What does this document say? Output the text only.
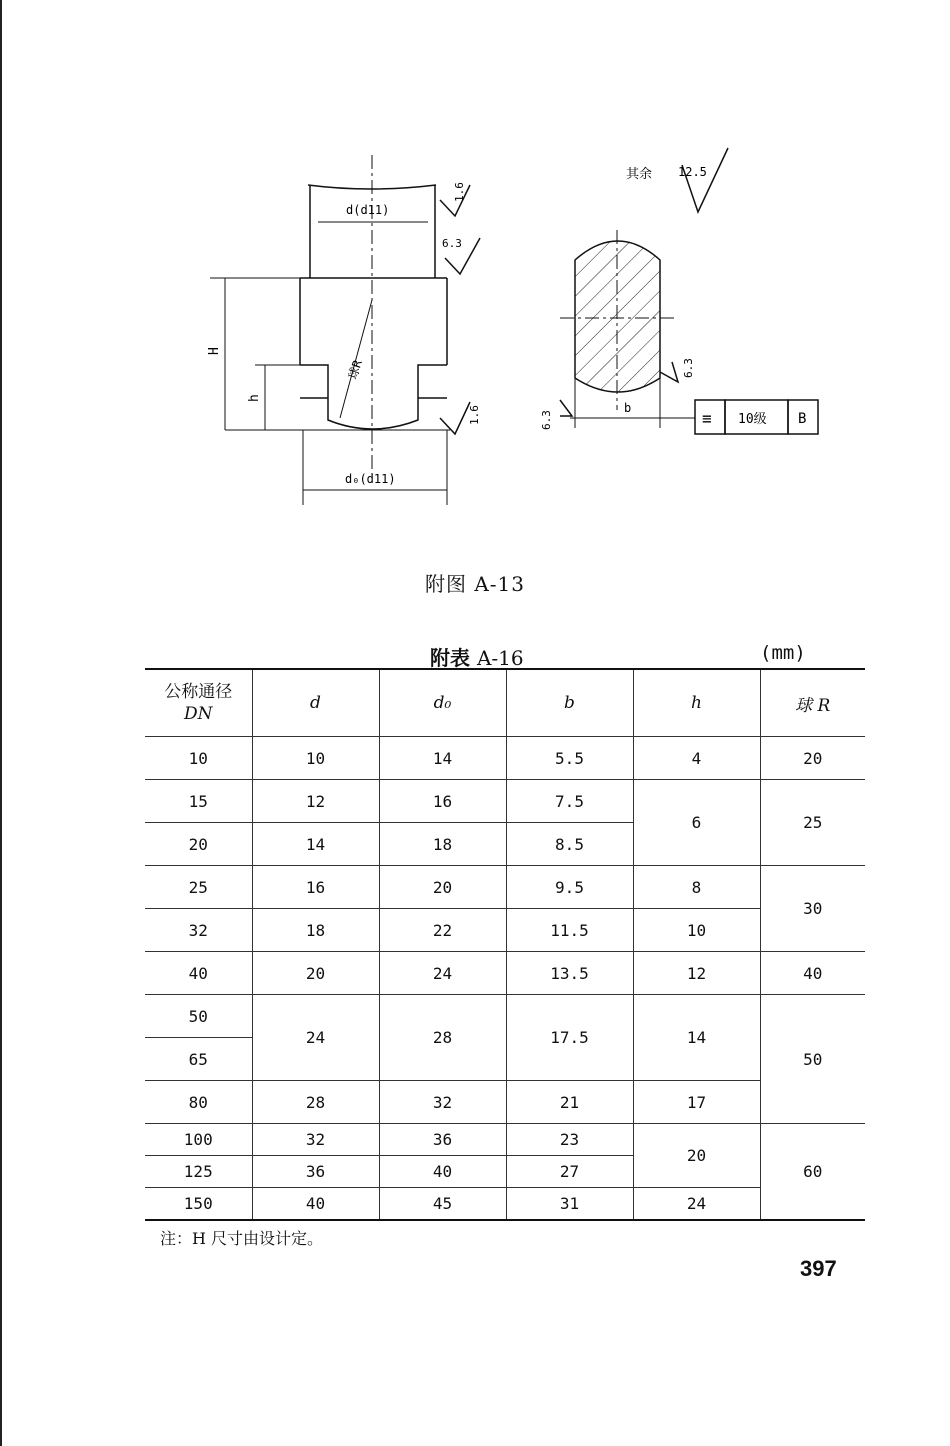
d(d11)
d₀(d11)
H
h
球R
1.6
6.3
1.6
其余 12.5
6.3
6.3
b
≡ 10级 B
附图 A-13
附表 A-16	(mm)
公称通径
DN	d	d₀	b	h	球 R
10	10	14	5.5	4	20
15	12	16	7.5	6	25
20	14	18	8.5		
25	16	20	9.5	8	30
32	18	22	11.5	10	
40	20	24	13.5	12	40
50	24	28	17.5	14	50
65					
80	28	32	21	17	
100	32	36	23	20	60
125	36	40	27		
150	40	45	31	24	
注：H 尺寸由设计定。
397
